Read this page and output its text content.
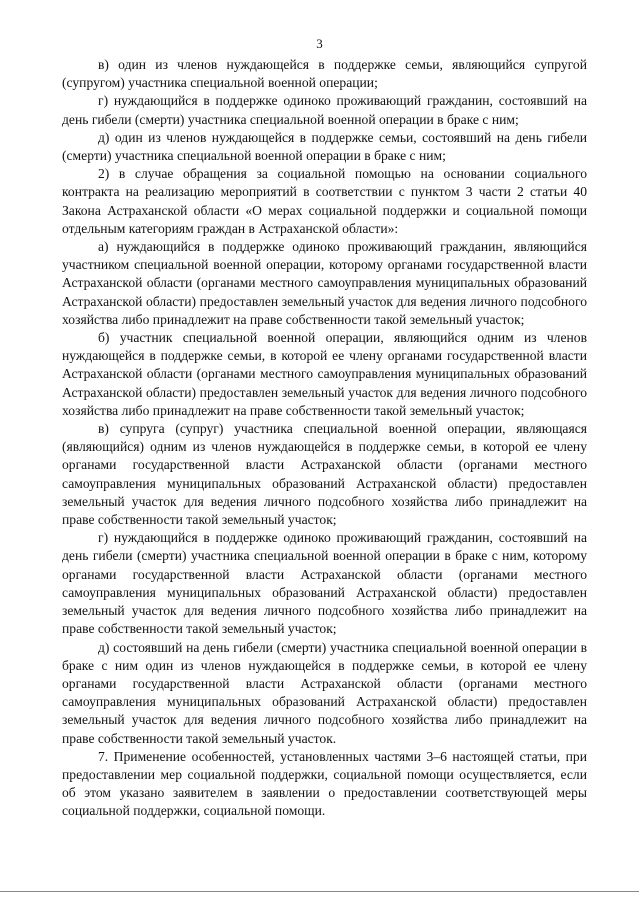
3

в) один из членов нуждающейся в поддержке семьи, являющийся супругой (супругом) участника специальной военной операции;

г) нуждающийся в поддержке одиноко проживающий гражданин, состоявший на день гибели (смерти) участника специальной военной операции в браке с ним;

д) один из членов нуждающейся в поддержке семьи, состоявший на день гибели (смерти) участника специальной военной операции в браке с ним;

2) в случае обращения за социальной помощью на основании социального контракта на реализацию мероприятий в соответствии с пунктом 3 части 2 статьи 40 Закона Астраханской области «О мерах социальной поддержки и социальной помощи отдельным категориям граждан в Астраханской области»:

а) нуждающийся в поддержке одиноко проживающий гражданин, являющийся участником специальной военной операции, которому органами государственной власти Астраханской области (органами местного самоуправления муниципальных образований Астраханской области) предоставлен земельный участок для ведения личного подсобного хозяйства либо принадлежит на праве собственности такой земельный участок;

б) участник специальной военной операции, являющийся одним из членов нуждающейся в поддержке семьи, в которой ее члену органами государственной власти Астраханской области (органами местного самоуправления муниципальных образований Астраханской области) предоставлен земельный участок для ведения личного подсобного хозяйства либо принадлежит на праве собственности такой земельный участок;

в) супруга (супруг) участника специальной военной операции, являющаяся (являющийся) одним из членов нуждающейся в поддержке семьи, в которой ее члену органами государственной власти Астраханской области (органами местного самоуправления муниципальных образований Астраханской области) предоставлен земельный участок для ведения личного подсобного хозяйства либо принадлежит на праве собственности такой земельный участок;

г) нуждающийся в поддержке одиноко проживающий гражданин, состоявший на день гибели (смерти) участника специальной военной операции в браке с ним, которому органами государственной власти Астраханской области (органами местного самоуправления муниципальных образований Астраханской области) предоставлен земельный участок для ведения личного подсобного хозяйства либо принадлежит на праве собственности такой земельный участок;

д) состоявший на день гибели (смерти) участника специальной военной операции в браке с ним один из членов нуждающейся в поддержке семьи, в которой ее члену органами государственной власти Астраханской области (органами местного самоуправления муниципальных образований Астраханской области) предоставлен земельный участок для ведения личного подсобного хозяйства либо принадлежит на праве собственности такой земельный участок.

7. Применение особенностей, установленных частями 3–6 настоящей статьи, при предоставлении мер социальной поддержки, социальной помощи осуществляется, если об этом указано заявителем в заявлении о предоставлении соответствующей меры социальной поддержки, социальной помощи.
